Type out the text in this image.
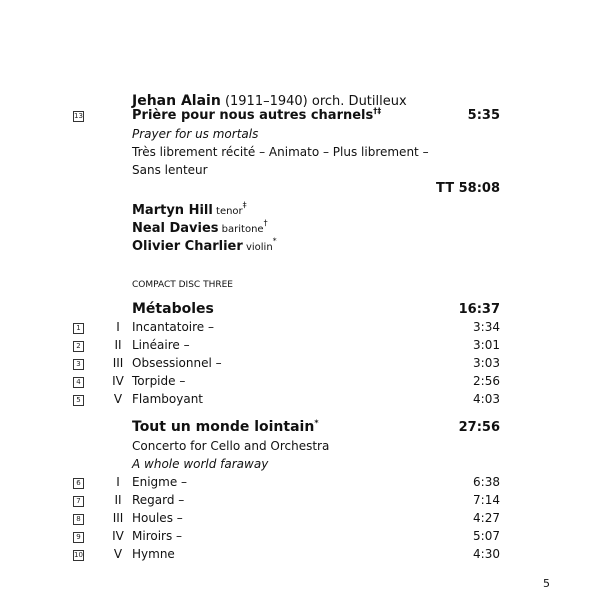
Jehan Alain (1911–1940) orch. Dutilleux
13	Prière pour nous autres charnels†‡	5:35
Prayer for us mortals
Très librement récité – Animato – Plus librement –
Sans lenteur
TT 58:08
Martyn Hill tenor‡
Neal Davies baritone†
Olivier Charlier violin*
COMPACT DISC THREE
Métaboles	16:37
1	I	Incantatoire –	3:34
2	II Linéaire –	3:01
3	III Obsessionnel –	3:03
4	IV Torpide –	2:56
5	V Flamboyant	4:03
Tout un monde lointain*	27:56
Concerto for Cello and Orchestra
A whole world faraway
6	I	Enigme –	6:38
7	II Regard –	7:14
8	III Houles –	4:27
9	IV Miroirs –	5:07
10	V Hymne	4:30
5
